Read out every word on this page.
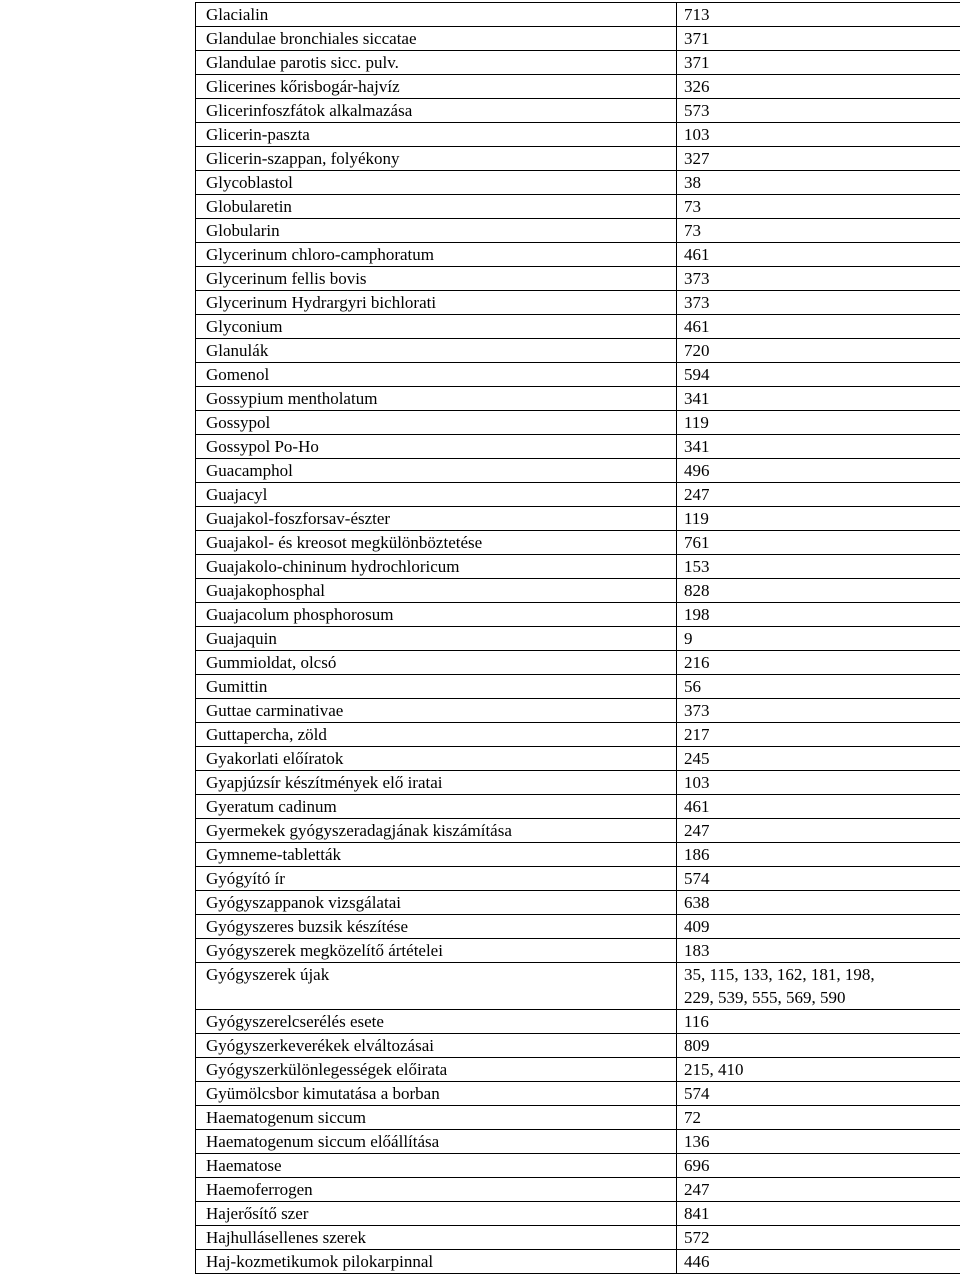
Glacialin	713
Glandulae bronchiales siccatae	371
Glandulae parotis sicc. pulv.	371
Glicerines kőrisbogár-hajvíz	326
Glicerinfoszfátok alkalmazása	573
Glicerin-paszta	103
Glicerin-szappan, folyékony	327
Glycoblastol	38
Globularetin	73
Globularin	73
Glycerinum chloro-camphoratum	461
Glycerinum fellis bovis	373
Glycerinum Hydrargyri bichlorati	373
Glyconium	461
Glanulák	720
Gomenol	594
Gossypium mentholatum	341
Gossypol	119
Gossypol Po-Ho	341
Guacamphol	496
Guajacyl	247
Guajakol-foszforsav-észter	119
Guajakol- és kreosot megkülönböztetése	761
Guajakolo-chininum hydrochloricum	153
Guajakophosphal	828
Guajacolum phosphorosum	198
Guajaquin	9
Gummioldat, olcsó	216
Gumittin	56
Guttae carminativae	373
Guttapercha, zöld	217
Gyakorlati előíratok	245
Gyapjúzsír készítmények elő iratai	103
Gyeratum cadinum	461
Gyermekek gyógyszeradagjának kiszámítása	247
Gymneme-tabletták	186
Gyógyító ír	574
Gyógyszappanok vizsgálatai	638
Gyógyszeres buzsik készítése	409
Gyógyszerek megközelítő ártételei	183
Gyógyszerek újak	35, 115, 133, 162, 181, 198,
229, 539, 555, 569, 590

Gyógyszerelcserélés esete	116
Gyógyszerkeverékek elváltozásai	809
Gyógyszerkülönlegességek előirata	215, 410
Gyümölcsbor kimutatása a borban	574
Haematogenum siccum	72
Haematogenum siccum előállítása	136
Haematose	696
Haemoferrogen	247
Hajerősítő szer	841
Hajhullásellenes szerek	572
Haj-kozmetikumok pilokarpinnal	446
